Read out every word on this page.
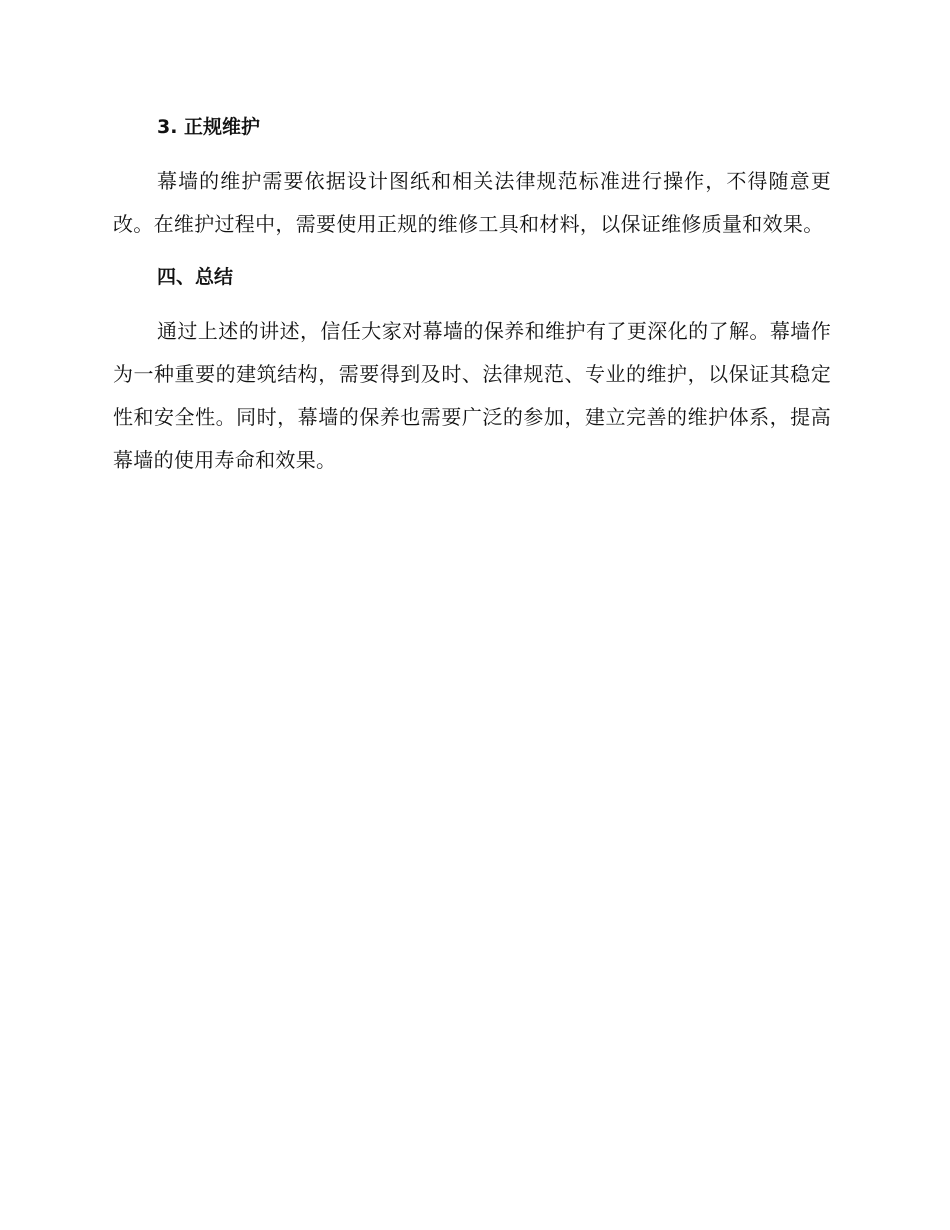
3. 正规维护

幕墙的维护需要依据设计图纸和相关法律规范标准进行操作，不得随意更改。在维护过程中，需要使用正规的维修工具和材料，以保证维修质量和效果。

四、总结

通过上述的讲述，信任大家对幕墙的保养和维护有了更深化的了解。幕墙作为一种重要的建筑结构，需要得到及时、法律规范、专业的维护，以保证其稳定性和安全性。同时，幕墙的保养也需要广泛的参加，建立完善的维护体系，提高幕墙的使用寿命和效果。
